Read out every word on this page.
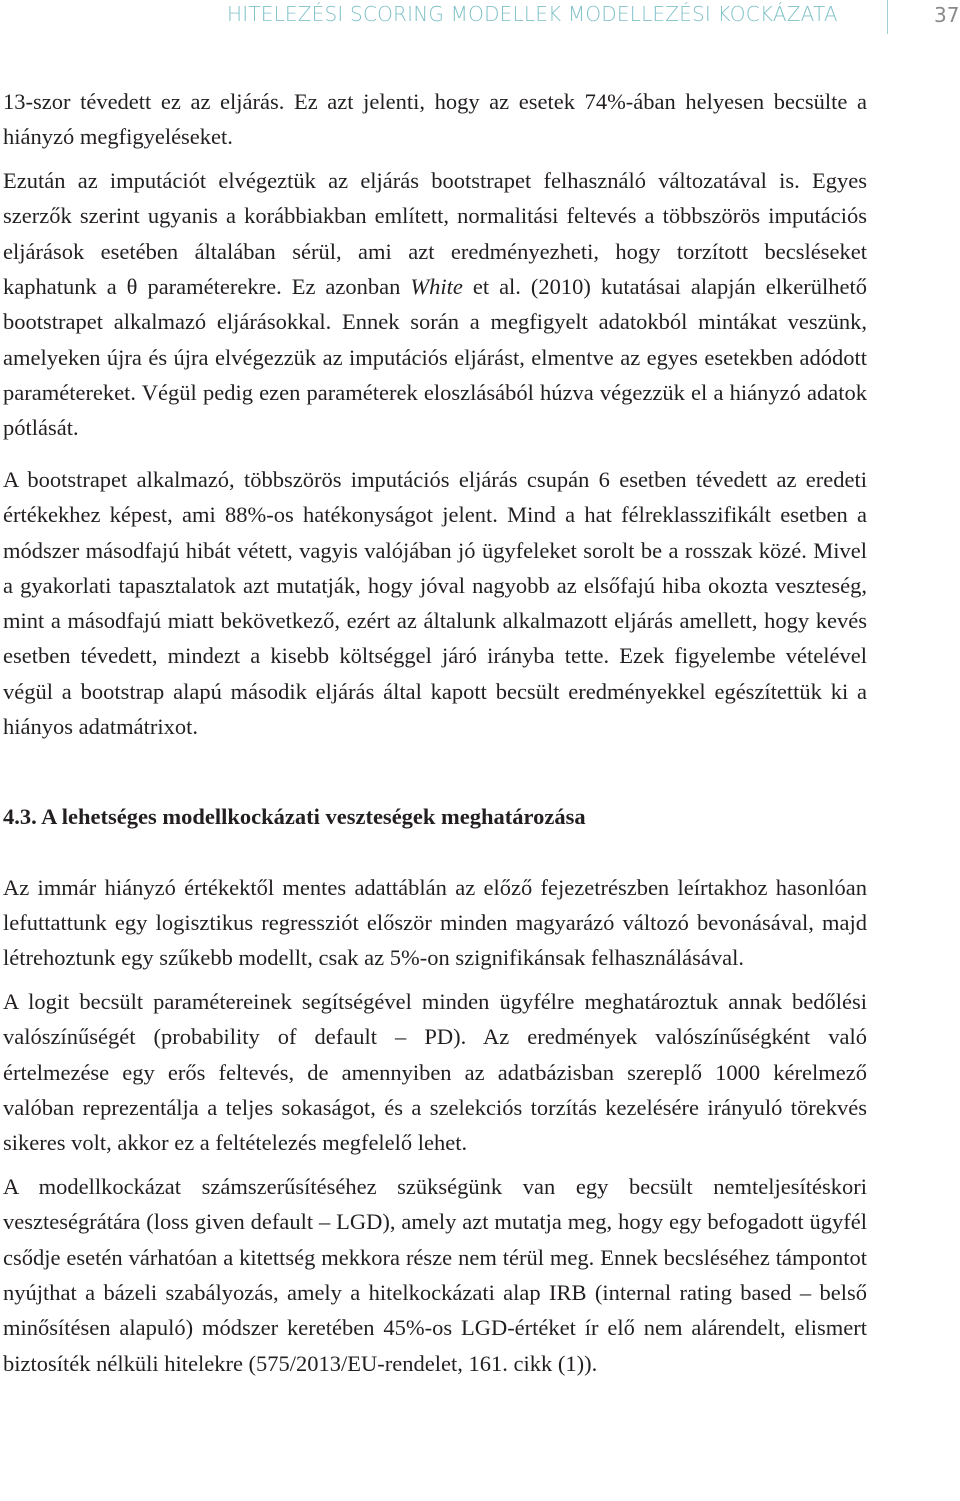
HITELEZÉSI SCORING MODELLEK MODELLEZÉSI KOCKÁZATA	37

13-szor tévedett ez az eljárás. Ez azt jelenti, hogy az esetek 74%-ában helyesen becsülte a hiányzó megfigyeléseket.

Ezután az imputációt elvégeztük az eljárás bootstrapet felhasználó változatával is. Egyes szerzők szerint ugyanis a korábbiakban említett, normalitási feltevés a többszörös imputációs eljárások esetében általában sérül, ami azt eredményezheti, hogy torzított becsléseket kaphatunk a θ paraméterekre. Ez azonban White et al. (2010) kutatásai alapján elkerülhető bootstrapet alkalmazó eljárásokkal. Ennek során a megfigyelt adatokból mintákat veszünk, amelyeken újra és újra elvégezzük az imputációs eljárást, elmentve az egyes esetekben adódott paramétereket. Végül pedig ezen paraméterek eloszlásából húzva végezzük el a hiányzó adatok pótlását.

A bootstrapet alkalmazó, többszörös imputációs eljárás csupán 6 esetben tévedett az eredeti értékekhez képest, ami 88%-os hatékonyságot jelent. Mind a hat félreklasszifikált esetben a módszer másodfajú hibát vétett, vagyis valójában jó ügyfeleket sorolt be a rosszak közé. Mivel a gyakorlati tapasztalatok azt mutatják, hogy jóval nagyobb az elsőfajú hiba okozta veszteség, mint a másodfajú miatt bekövetkező, ezért az általunk alkalmazott eljárás amellett, hogy kevés esetben tévedett, mindezt a kisebb költséggel járó irányba tette. Ezek figyelembe vételével végül a bootstrap alapú második eljárás által kapott becsült eredményekkel egészítettük ki a hiányos adatmátrixot.

4.3. A lehetséges modellkockázati veszteségek meghatározása

Az immár hiányzó értékektől mentes adattáblán az előző fejezetrészben leírtakhoz hasonlóan lefuttattunk egy logisztikus regressziót először minden magyarázó változó bevonásával, majd létrehoztunk egy szűkebb modellt, csak az 5%-on szignifikánsak felhasználásával.

A logit becsült paramétereinek segítségével minden ügyfélre meghatároztuk annak bedőlési valószínűségét (probability of default – PD). Az eredmények valószínűségként való értelmezése egy erős feltevés, de amennyiben az adatbázisban szereplő 1000 kérelmező valóban reprezentálja a teljes sokaságot, és a szelekciós torzítás kezelésére irányuló törekvés sikeres volt, akkor ez a feltételezés megfelelő lehet.

A modellkockázat számszerűsítéséhez szükségünk van egy becsült nemteljesítéskori veszteségrátára (loss given default – LGD), amely azt mutatja meg, hogy egy befogadott ügyfél csődje esetén várhatóan a kitettség mekkora része nem térül meg. Ennek becsléséhez támpontot nyújthat a bázeli szabályozás, amely a hitelkockázati alap IRB (internal rating based – belső minősítésen alapuló) módszer keretében 45%-os LGD-értéket ír elő nem alárendelt, elismert biztosíték nélküli hitelekre (575/2013/EU-rendelet, 161. cikk (1)).
